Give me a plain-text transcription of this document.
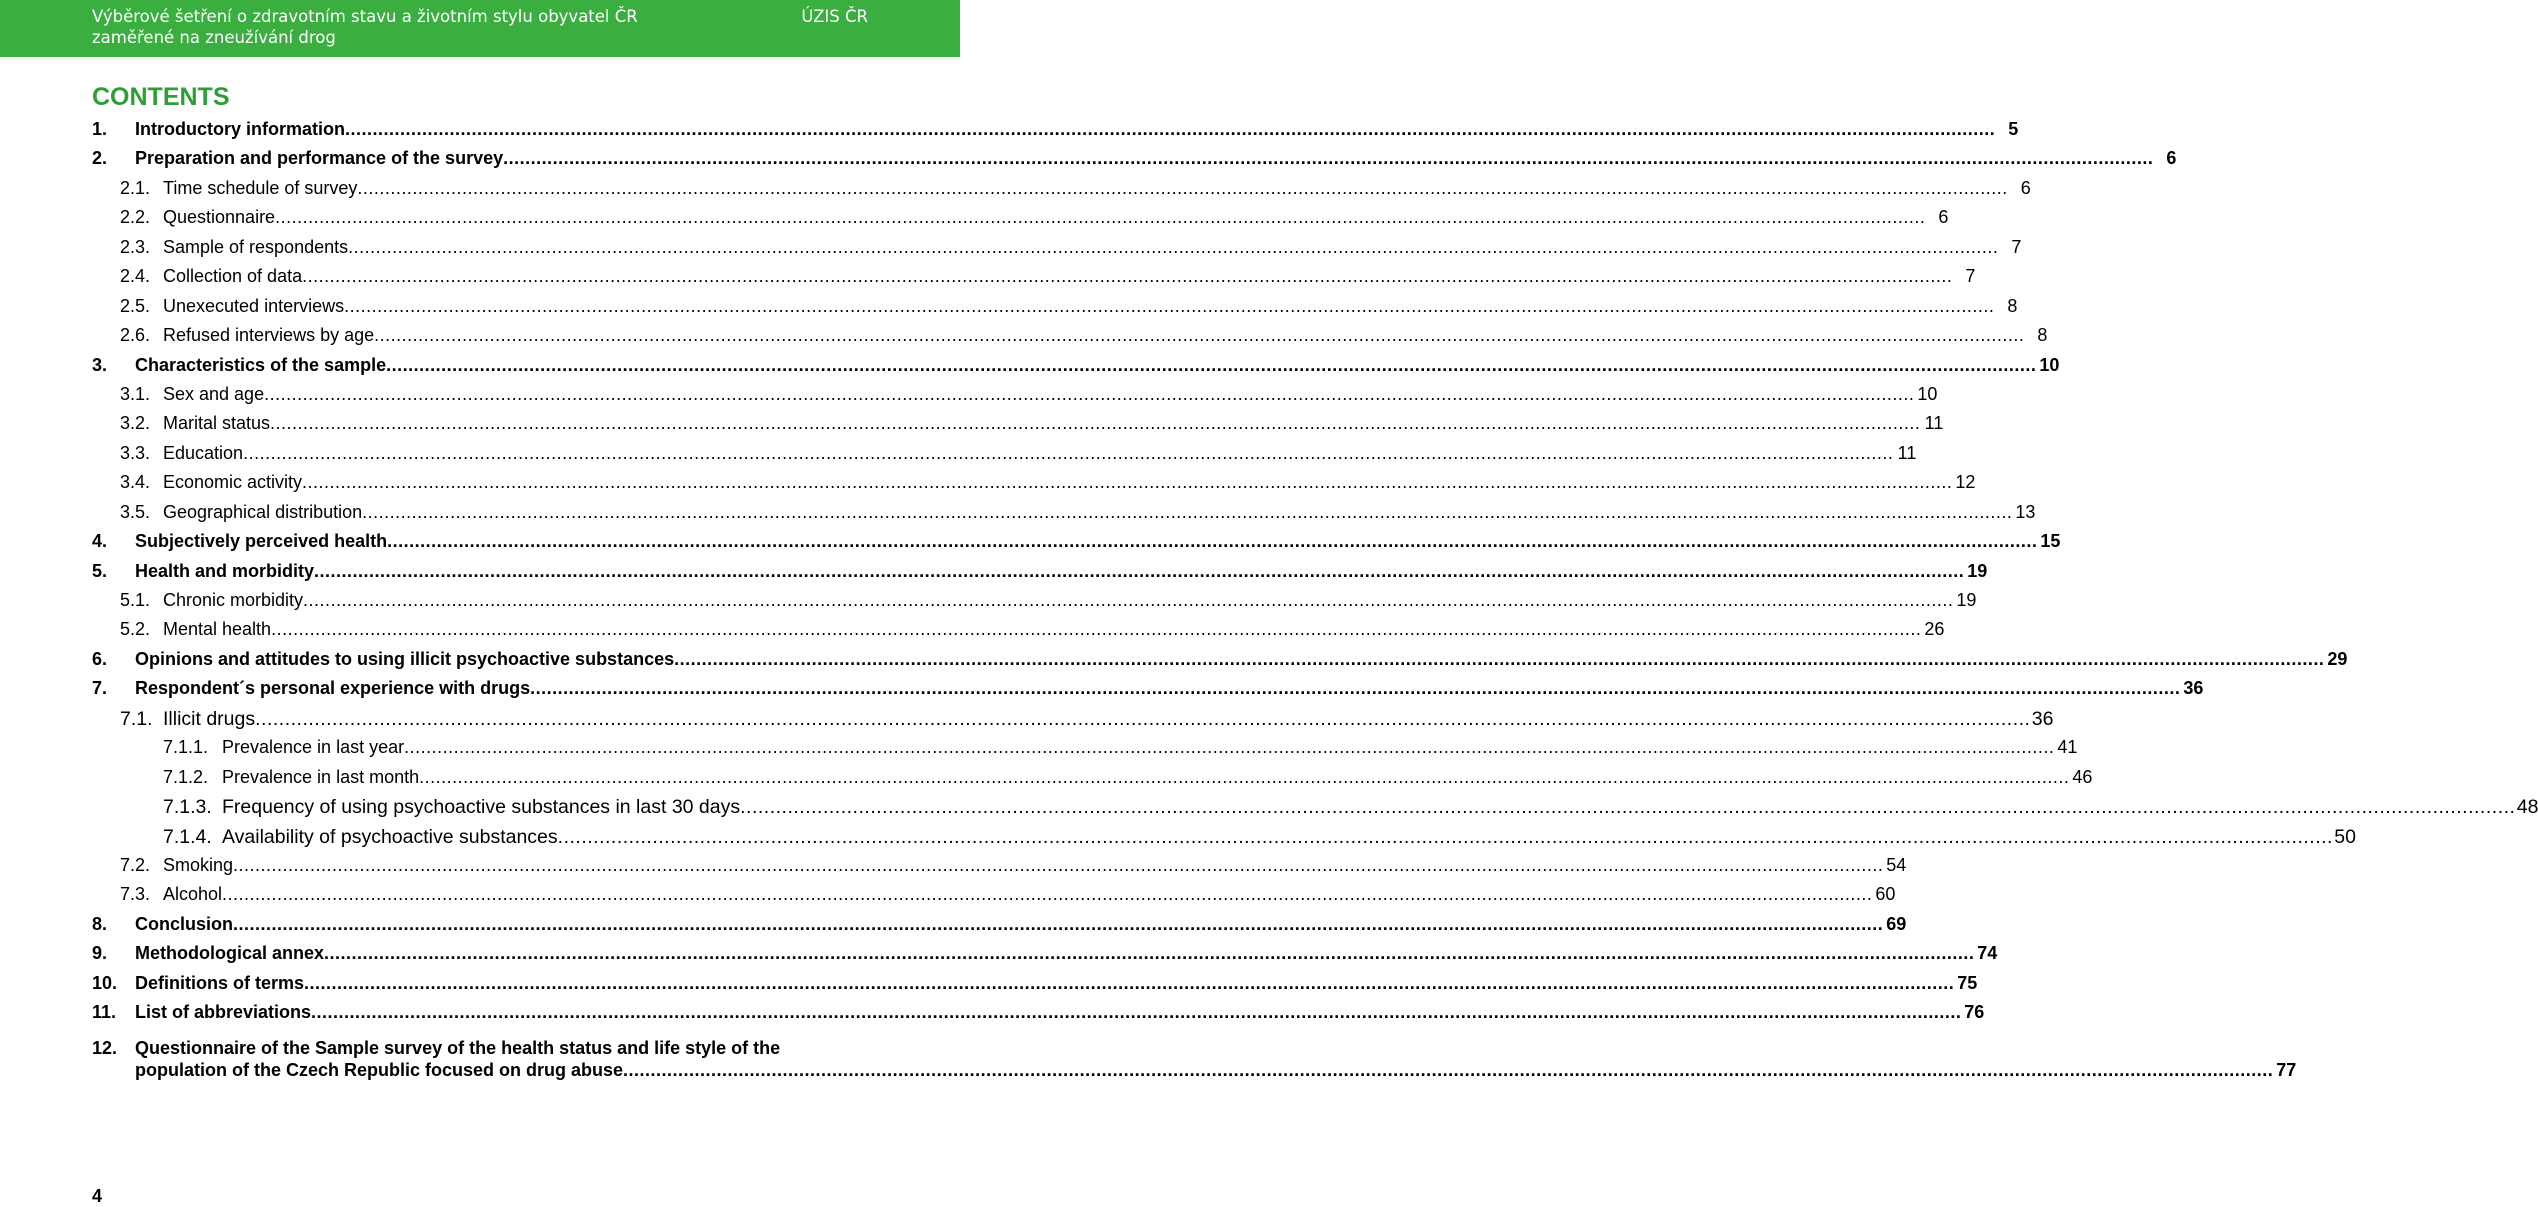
Výběrové šetření o zdravotním stavu a životním stylu obyvatel ČR
zaměřené na zneužívání drog
ÚZIS ČR
CONTENTS
1.	Introductory information ............................................................................................................................................................................................................................................................................................................ 5
2.	Preparation and performance of the survey ............................................................................................................................................................................................................................................................................................................ 6
2.1. Time schedule of survey ............................................................................................................................................................................................................................................................................................................ 6
2.2. Questionnaire ............................................................................................................................................................................................................................................................................................................ 6
2.3. Sample of respondents ............................................................................................................................................................................................................................................................................................................ 7
2.4. Collection of data ............................................................................................................................................................................................................................................................................................................ 7
2.5. Unexecuted interviews ............................................................................................................................................................................................................................................................................................................ 8
2.6. Refused interviews by age ............................................................................................................................................................................................................................................................................................................ 8
3.	Characteristics of the sample ............................................................................................................................................................................................................................................................................................................ 10
3.1. Sex and age ............................................................................................................................................................................................................................................................................................................ 10
3.2. Marital status ............................................................................................................................................................................................................................................................................................................ 11
3.3. Education ............................................................................................................................................................................................................................................................................................................ 11
3.4. Economic activity ............................................................................................................................................................................................................................................................................................................ 12
3.5. Geographical distribution ............................................................................................................................................................................................................................................................................................................ 13
4.	Subjectively perceived health ............................................................................................................................................................................................................................................................................................................ 15
5.	Health and morbidity ............................................................................................................................................................................................................................................................................................................ 19
5.1. Chronic morbidity ............................................................................................................................................................................................................................................................................................................ 19
5.2. Mental health ............................................................................................................................................................................................................................................................................................................ 26
6.	Opinions and attitudes to using illicit psychoactive substances ............................................................................................................................................................................................................................................................................................................ 29
7.	Respondent´s personal experience with drugs ............................................................................................................................................................................................................................................................................................................ 36
7.1. Illicit drugs ............................................................................................................................................................................................................................................................................................................ 36
7.1.1. Prevalence in last year ............................................................................................................................................................................................................................................................................................................ 41
7.1.2. Prevalence in last month ............................................................................................................................................................................................................................................................................................................ 46
7.1.3. Frequency of using psychoactive substances in last 30 days ............................................................................................................................................................................................................................................................................................................ 48
7.1.4. Availability of psychoactive substances ............................................................................................................................................................................................................................................................................................................ 50
7.2. Smoking ............................................................................................................................................................................................................................................................................................................ 54
7.3. Alcohol ............................................................................................................................................................................................................................................................................................................ 60
8.	Conclusion ............................................................................................................................................................................................................................................................................................................ 69
9.	Methodological annex ............................................................................................................................................................................................................................................................................................................ 74
10. Definitions of terms ............................................................................................................................................................................................................................................................................................................ 75
11.	List of abbreviations ............................................................................................................................................................................................................................................................................................................ 76
12. Questionnaire of the Sample survey of the health status and life style of the
population of the Czech Republic focused on drug abuse ............................................................................................................................................................................................................................................................................................................ 77
4
